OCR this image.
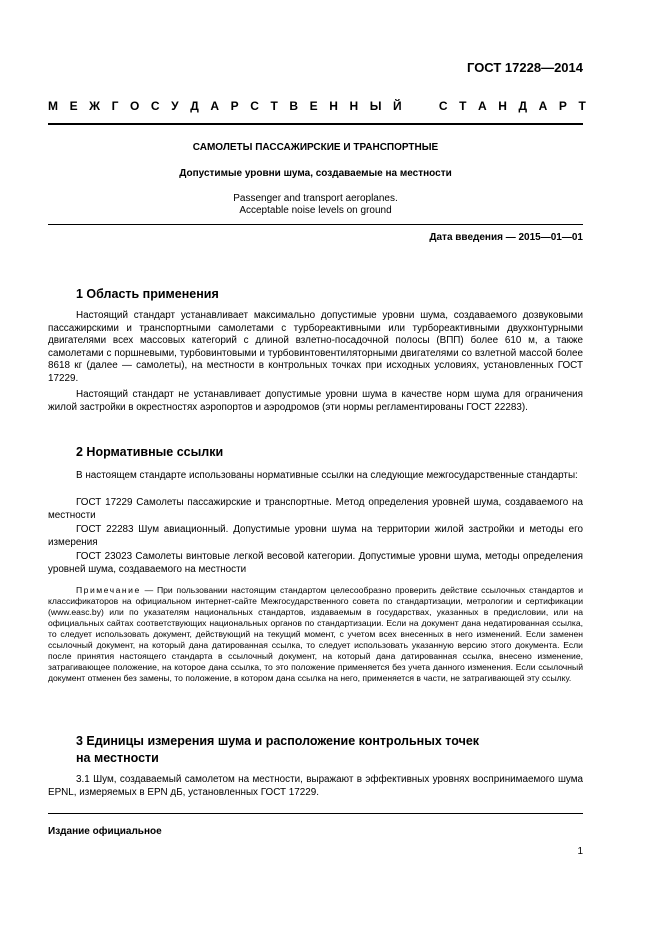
ГОСТ 17228—2014
М Е Ж Г О С У Д А Р С Т В Е Н Н Ы Й	С Т А Н Д А Р Т
САМОЛЕТЫ ПАССАЖИРСКИЕ И ТРАНСПОРТНЫЕ
Допустимые уровни шума, создаваемые на местности
Passenger and transport aeroplanes.
Acceptable noise levels on ground
Дата введения — 2015—01—01
1 Область применения

Настоящий стандарт устанавливает максимально допустимые уровни шума, создаваемого дозвуковыми пассажирскими и транспортными самолетами с турбореактивными или турбореактивными двухконтурными двигателями всех массовых категорий с длиной взлетно-посадочной полосы (ВПП) более 610 м, а также самолетами с поршневыми, турбовинтовыми и турбовинтовентиляторными двигателями со взлетной массой более 8618 кг (далее — самолеты), на местности в контрольных точках при исходных условиях, установленных ГОСТ 17229.

Настоящий стандарт не устанавливает допустимые уровни шума в качестве норм шума для ограничения жилой застройки в окрестностях аэропортов и аэродромов (эти нормы регламентированы ГОСТ 22283).

2 Нормативные ссылки

В настоящем стандарте использованы нормативные ссылки на следующие межгосударственные стандарты:

ГОСТ 17229 Самолеты пассажирские и транспортные. Метод определения уровней шума, создаваемого на местности

ГОСТ 22283 Шум авиационный. Допустимые уровни шума на территории жилой застройки и методы его измерения

ГОСТ 23023 Самолеты винтовые легкой весовой категории. Допустимые уровни шума, методы определения уровней шума, создаваемого на местности

Примечание — При пользовании настоящим стандартом целесообразно проверить действие ссылочных стандартов и классификаторов на официальном интернет-сайте Межгосударственного совета по стандартизации, метрологии и сертификации (www.easc.by) или по указателям национальных стандартов, издаваемым в государствах, указанных в предисловии, или на официальных сайтах соответствующих национальных органов по стандартизации. Если на документ дана недатированная ссылка, то следует использовать документ, действующий на текущий момент, с учетом всех внесенных в него изменений. Если заменен ссылочный документ, на который дана датированная ссылка, то следует использовать указанную версию этого документа. Если после принятия настоящего стандарта в ссылочный документ, на который дана датированная ссылка, внесено изменение, затрагивающее положение, на которое дана ссылка, то это положение применяется без учета данного изменения. Если ссылочный документ отменен без замены, то положение, в котором дана ссылка на него, применяется в части, не затрагивающей эту ссылку.

3 Единицы измерения шума и расположение контрольных точек
на местности

3.1 Шум, создаваемый самолетом на местности, выражают в эффективных уровнях воспринимаемого шума EPNL, измеряемых в EPN дБ, установленных ГОСТ 17229.

Издание официальное
1
